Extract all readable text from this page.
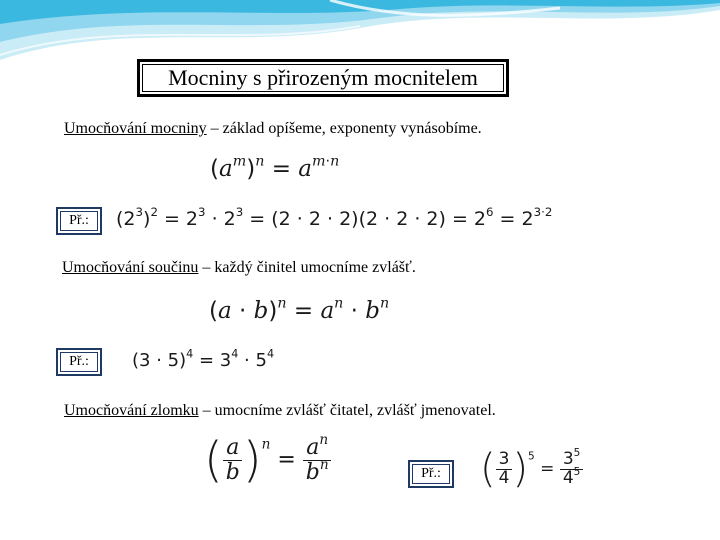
Mocniny s přirozeným mocnitelem
Umocňování mocniny – základ opíšeme, exponenty vynásobíme.
$(a^m)^n = a^{m\cdot n}$
Př.: $(2^3)^2 = 2^3 \cdot 2^3 = (2 \cdot 2 \cdot 2)(2 \cdot 2 \cdot 2) = 2^6 = 2^{3\cdot 2}$
Umocňování součinu – každý činitel umocníme zvlášť.
$(a \cdot b)^n = a^n \cdot b^n$
Př.: $(3 \cdot 5)^4 = 3^4 \cdot 5^4$
Umocňování zlomku – umocníme zvlášť čitatel, zvlášť jmenovatel.
( $\frac{a}{b} )^n = \frac{a^n}{b^n}$	Př.: ( $\frac{3}{4} )^5 = \frac{3^5}{4^5}$
